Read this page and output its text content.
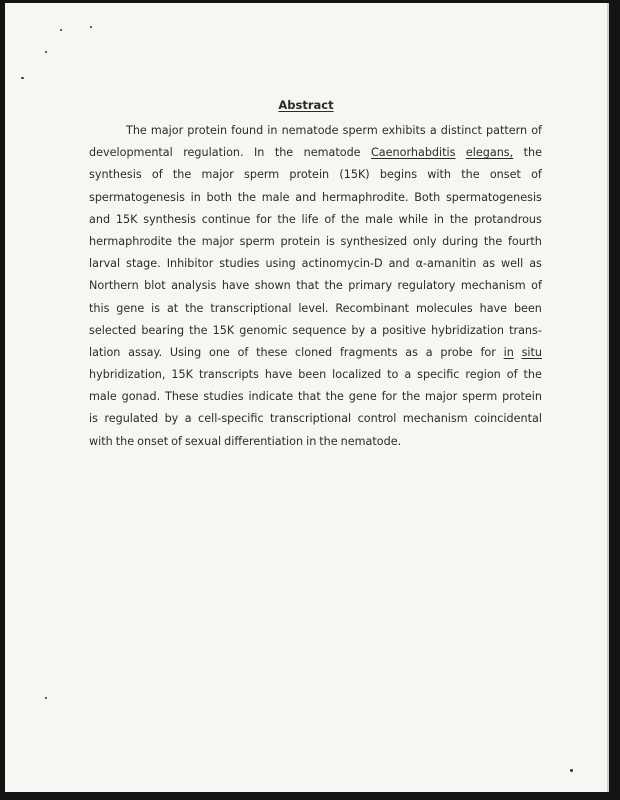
Abstract
The major protein found in nematode sperm exhibits a distinct pattern of
developmental regulation. In the nematode Caenorhabditis elegans, the
synthesis of the major sperm protein (15K) begins with the onset of
spermatogenesis in both the male and hermaphrodite. Both spermatogenesis
and 15K synthesis continue for the life of the male while in the protandrous
hermaphrodite the major sperm protein is synthesized only during the fourth
larval stage. Inhibitor studies using actinomycin-D and α-amanitin as well as
Northern blot analysis have shown that the primary regulatory mechanism of
this gene is at the transcriptional level. Recombinant molecules have been
selected bearing the 15K genomic sequence by a positive hybridization trans-
lation assay. Using one of these cloned fragments as a probe for in situ
hybridization, 15K transcripts have been localized to a specific region of the
male gonad. These studies indicate that the gene for the major sperm protein
is regulated by a cell-specific transcriptional control mechanism coincidental
with the onset of sexual differentiation in the nematode.
